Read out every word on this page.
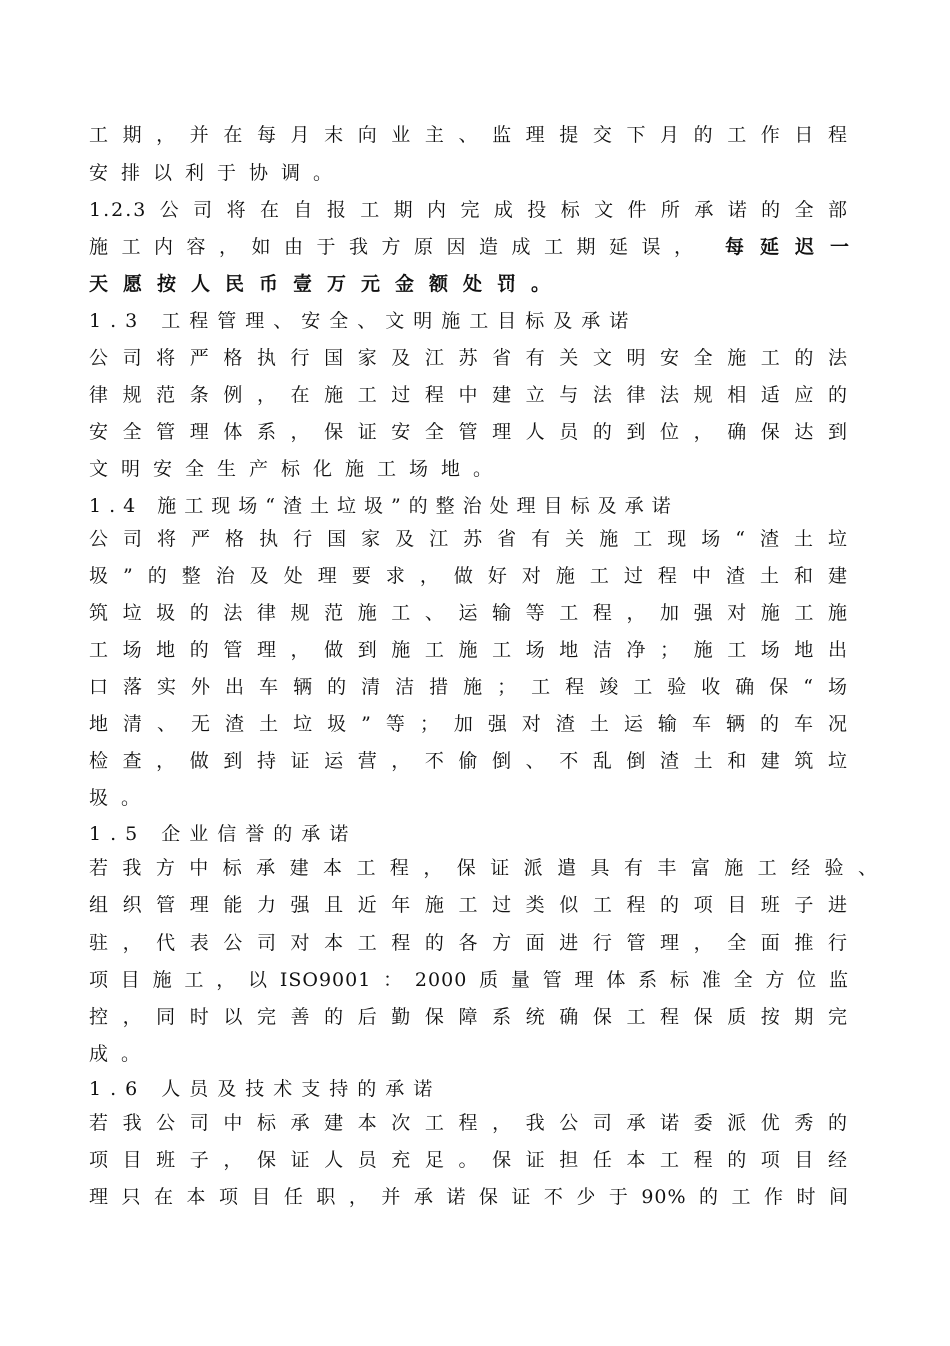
工期，并在每月末向业主、监理提交下月的工作日程
安排以利于协调。
1.2.3公司将在自报工期内完成投标文件所承诺的全部
施工内容，如由于我方原因造成工期延误， 每延迟一
天愿按人民币壹万元金额处罚。
1.3 工程管理、安全、文明施工目标及承诺
公司将严格执行国家及江苏省有关文明安全施工的法
律规范条例，在施工过程中建立与法律法规相适应的
安全管理体系，保证安全管理人员的到位，确保达到
文明安全生产标化施工场地。
1.4 施工现场“渣土垃圾”的整治处理目标及承诺
公司将严格执行国家及江苏省有关施工现场“渣土垃
圾”的整治及处理要求，做好对施工过程中渣土和建
筑垃圾的法律规范施工、运输等工程，加强对施工施
工场地的管理，做到施工施工场地洁净；施工场地出
口落实外出车辆的清洁措施；工程竣工验收确保“场
地清、无渣土垃圾”等；加强对渣土运输车辆的车况
检查，做到持证运营，不偷倒、不乱倒渣土和建筑垃
圾。
1.5 企业信誉的承诺
若我方中标承建本工程，保证派遣具有丰富施工经验、
组织管理能力强且近年施工过类似工程的项目班子进
驻，代表公司对本工程的各方面进行管理，全面推行
项目施工，以ISO9001：2000质量管理体系标准全方位监
控，同时以完善的后勤保障系统确保工程保质按期完
成。
1.6 人员及技术支持的承诺
若我公司中标承建本次工程，我公司承诺委派优秀的
项目班子，保证人员充足。保证担任本工程的项目经
理只在本项目任职，并承诺保证不少于90%的工作时间
